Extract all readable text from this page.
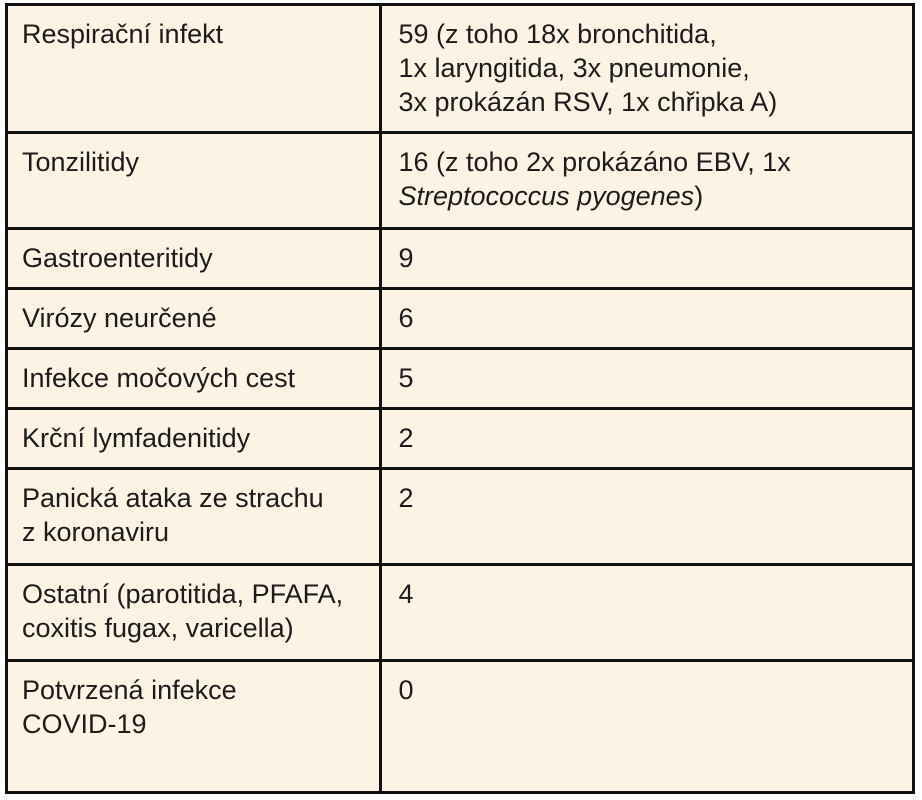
Respirační infekt	59 (z toho 18x bronchitida,
1x laryngitida, 3x pneumonie,
3x prokázán RSV, 1x chřipka A)

Tonzilitidy	16 (z toho 2x prokázáno EBV, 1x
Streptococcus pyogenes)

Gastroenteritidy	9

Virózy neurčené	6

Infekce močových cest	5

Krční lymfadenitidy	2

Panická ataka ze strachu
z koronaviru	2

Ostatní (parotitida, PFAFA,
coxitis fugax, varicella)	4

Potvrzená infekce
COVID-19	0
